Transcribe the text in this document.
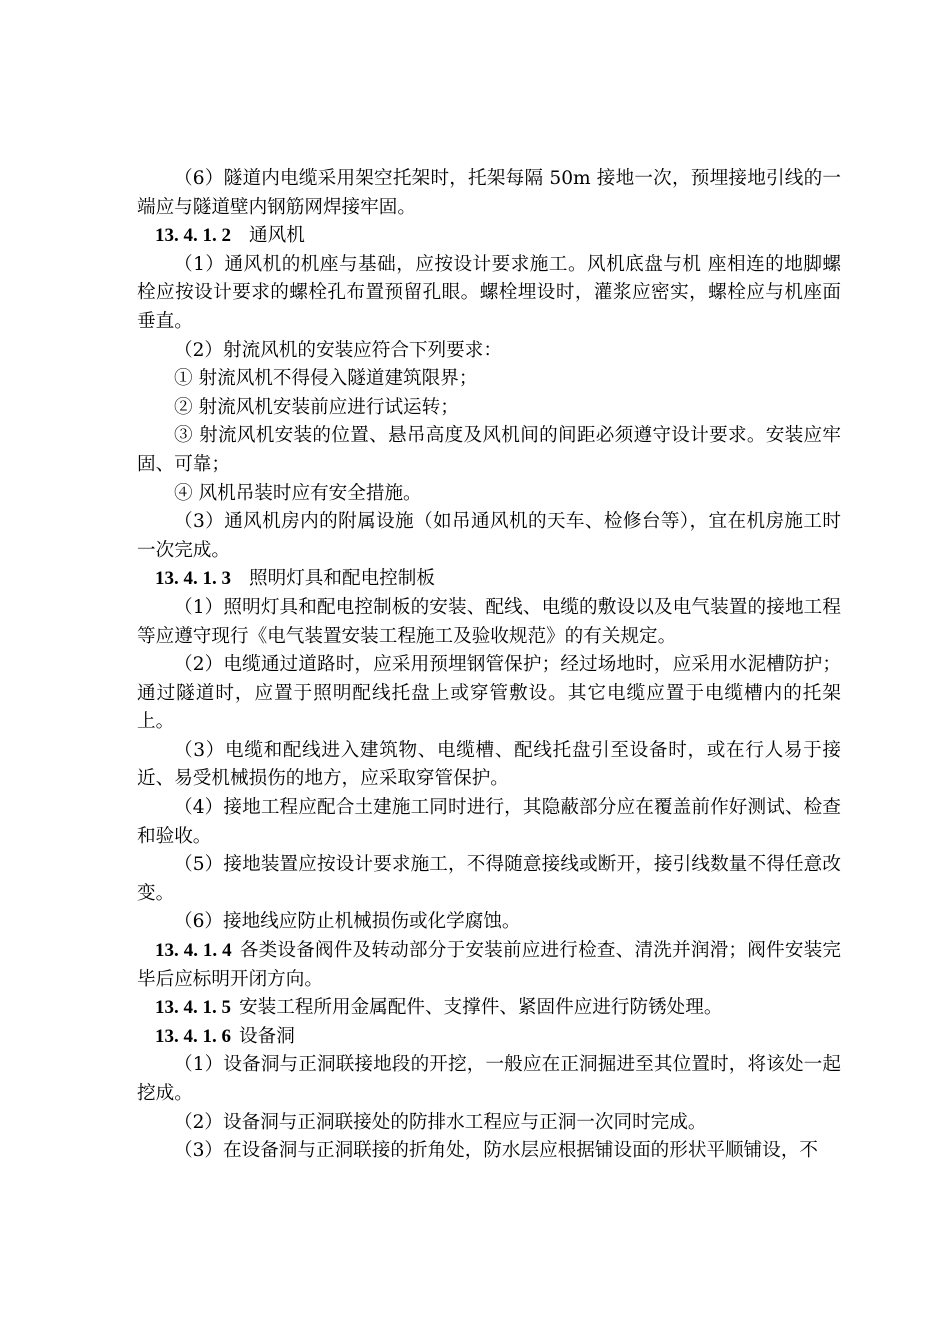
（6）隧道内电缆采用架空托架时，托架每隔 50m 接地一次，预埋接地引线的一端应与隧道壁内钢筋网焊接牢固。

13. 4. 1. 2 通风机

（1）通风机的机座与基础，应按设计要求施工。风机底盘与机 座相连的地脚螺栓应按设计要求的螺栓孔布置预留孔眼。螺栓埋设时，灌浆应密实，螺栓应与机座面垂直。

（2）射流风机的安装应符合下列要求：

① 射流风机不得侵入隧道建筑限界；

② 射流风机安装前应进行试运转；

③ 射流风机安装的位置、悬吊高度及风机间的间距必须遵守设计要求。安装应牢固、可靠；

④ 风机吊装时应有安全措施。

（3）通风机房内的附属设施（如吊通风机的天车、检修台等），宜在机房施工时一次完成。

13. 4. 1. 3 照明灯具和配电控制板

（1）照明灯具和配电控制板的安装、配线、电缆的敷设以及电气装置的接地工程等应遵守现行《电气装置安装工程施工及验收规范》的有关规定。

（2）电缆通过道路时，应采用预埋钢管保护；经过场地时，应采用水泥槽防护；通过隧道时，应置于照明配线托盘上或穿管敷设。其它电缆应置于电缆槽内的托架上。

（3）电缆和配线进入建筑物、电缆槽、配线托盘引至设备时，或在行人易于接近、易受机械损伤的地方，应采取穿管保护。

（4）接地工程应配合土建施工同时进行，其隐蔽部分应在覆盖前作好测试、检查和验收。

（5）接地装置应按设计要求施工，不得随意接线或断开，接引线数量不得任意改变。

（6）接地线应防止机械损伤或化学腐蚀。

13. 4. 1. 4 各类设备阀件及转动部分于安装前应进行检查、清洗并润滑；阀件安装完毕后应标明开闭方向。

13. 4. 1. 5 安装工程所用金属配件、支撑件、紧固件应进行防锈处理。

13. 4. 1. 6 设备洞

（1）设备洞与正洞联接地段的开挖，一般应在正洞掘进至其位置时，将该处一起挖成。

（2）设备洞与正洞联接处的防排水工程应与正洞一次同时完成。

（3）在设备洞与正洞联接的折角处，防水层应根据铺设面的形状平顺铺设，不
